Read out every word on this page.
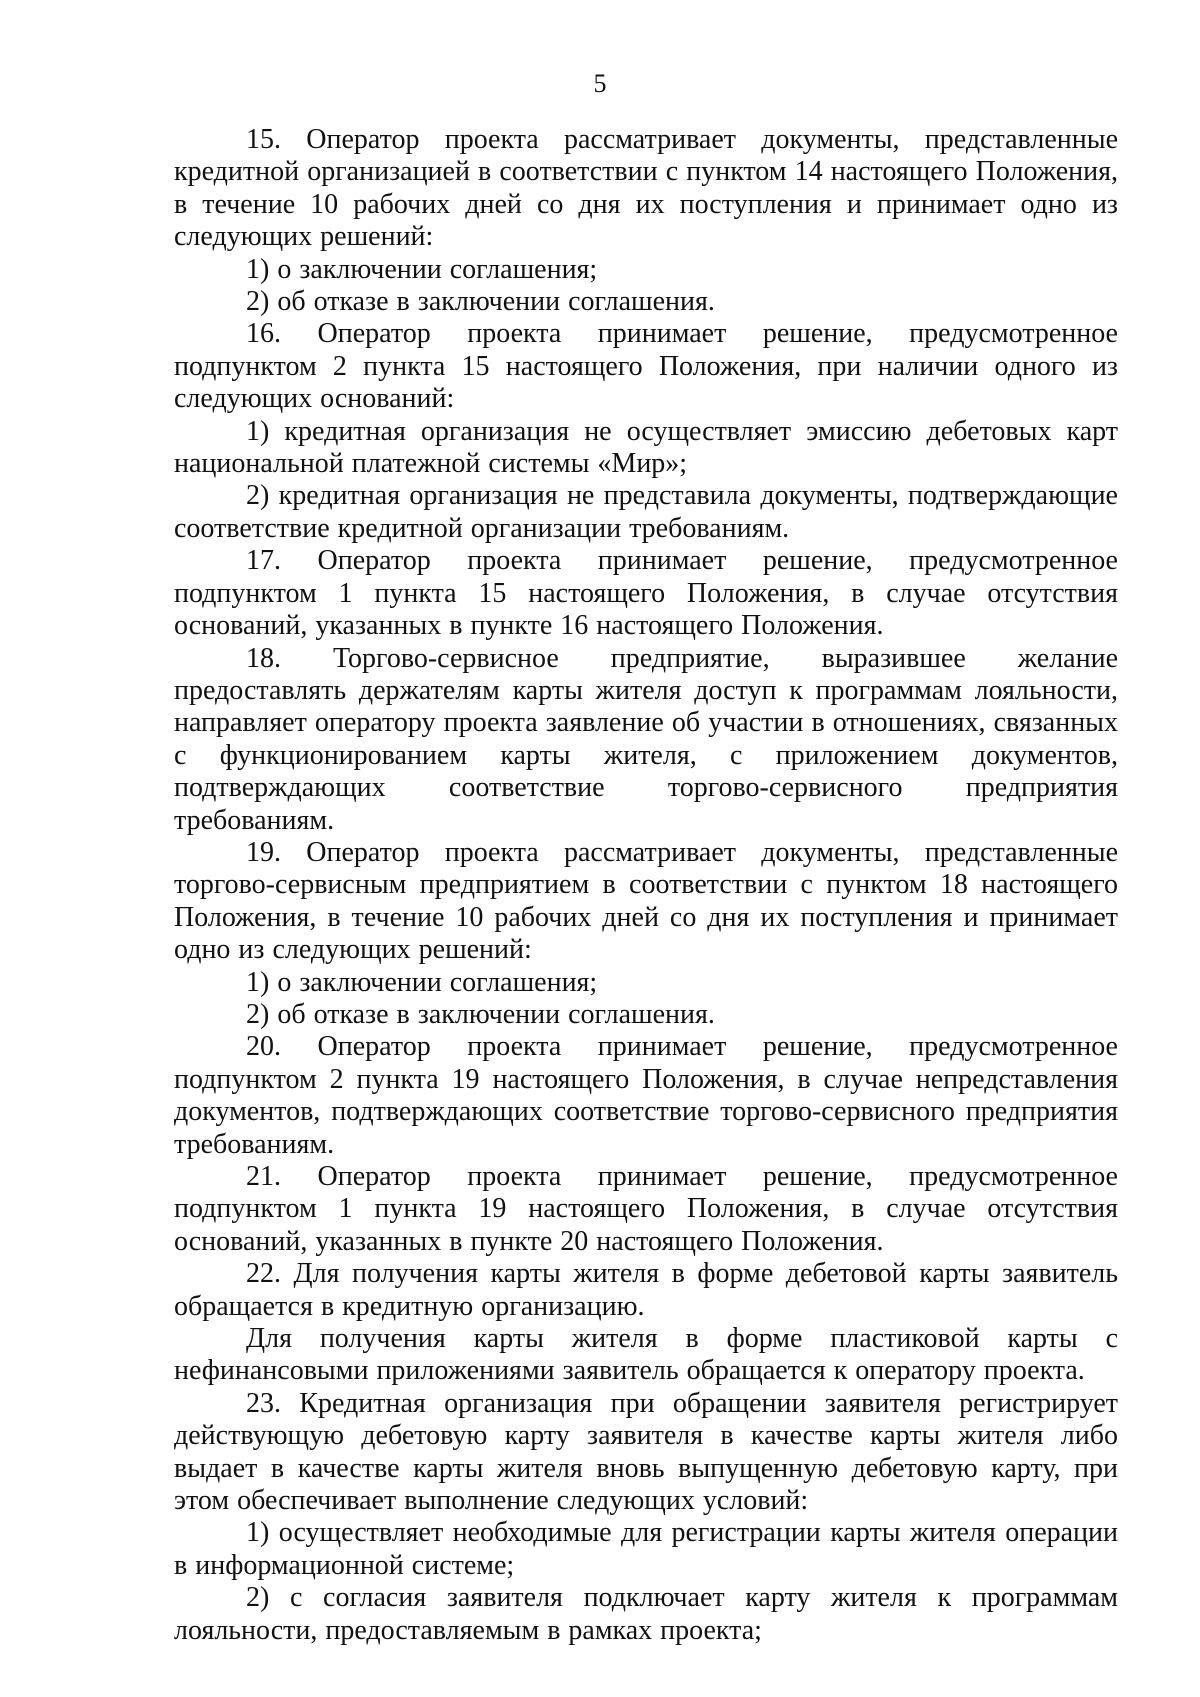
5

15. Оператор проекта рассматривает документы, представленные кредитной организацией в соответствии с пунктом 14 настоящего Положения, в течение 10 рабочих дней со дня их поступления и принимает одно из следующих решений:

1) о заключении соглашения;

2) об отказе в заключении соглашения.

16. Оператор проекта принимает решение, предусмотренное подпунктом 2 пункта 15 настоящего Положения, при наличии одного из следующих оснований:

1) кредитная организация не осуществляет эмиссию дебетовых карт национальной платежной системы «Мир»;

2) кредитная организация не представила документы, подтверждающие соответствие кредитной организации требованиям.

17. Оператор проекта принимает решение, предусмотренное подпунктом 1 пункта 15 настоящего Положения, в случае отсутствия оснований, указанных в пункте 16 настоящего Положения.

18. Торгово-сервисное предприятие, выразившее желание предоставлять держателям карты жителя доступ к программам лояльности, направляет оператору проекта заявление об участии в отношениях, связанных с функционированием карты жителя, с приложением документов, подтверждающих соответствие торгово-сервисного предприятия требованиям.

19. Оператор проекта рассматривает документы, представленные торгово-сервисным предприятием в соответствии с пунктом 18 настоящего Положения, в течение 10 рабочих дней со дня их поступления и принимает одно из следующих решений:

1) о заключении соглашения;

2) об отказе в заключении соглашения.

20. Оператор проекта принимает решение, предусмотренное подпунктом 2 пункта 19 настоящего Положения, в случае непредставления документов, подтверждающих соответствие торгово-сервисного предприятия требованиям.

21. Оператор проекта принимает решение, предусмотренное подпунктом 1 пункта 19 настоящего Положения, в случае отсутствия оснований, указанных в пункте 20 настоящего Положения.

22. Для получения карты жителя в форме дебетовой карты заявитель обращается в кредитную организацию.

Для получения карты жителя в форме пластиковой карты с нефинансовыми приложениями заявитель обращается к оператору проекта.

23. Кредитная организация при обращении заявителя регистрирует действующую дебетовую карту заявителя в качестве карты жителя либо выдает в качестве карты жителя вновь выпущенную дебетовую карту, при этом обеспечивает выполнение следующих условий:

1) осуществляет необходимые для регистрации карты жителя операции в информационной системе;

2) с согласия заявителя подключает карту жителя к программам лояльности, предоставляемым в рамках проекта;
